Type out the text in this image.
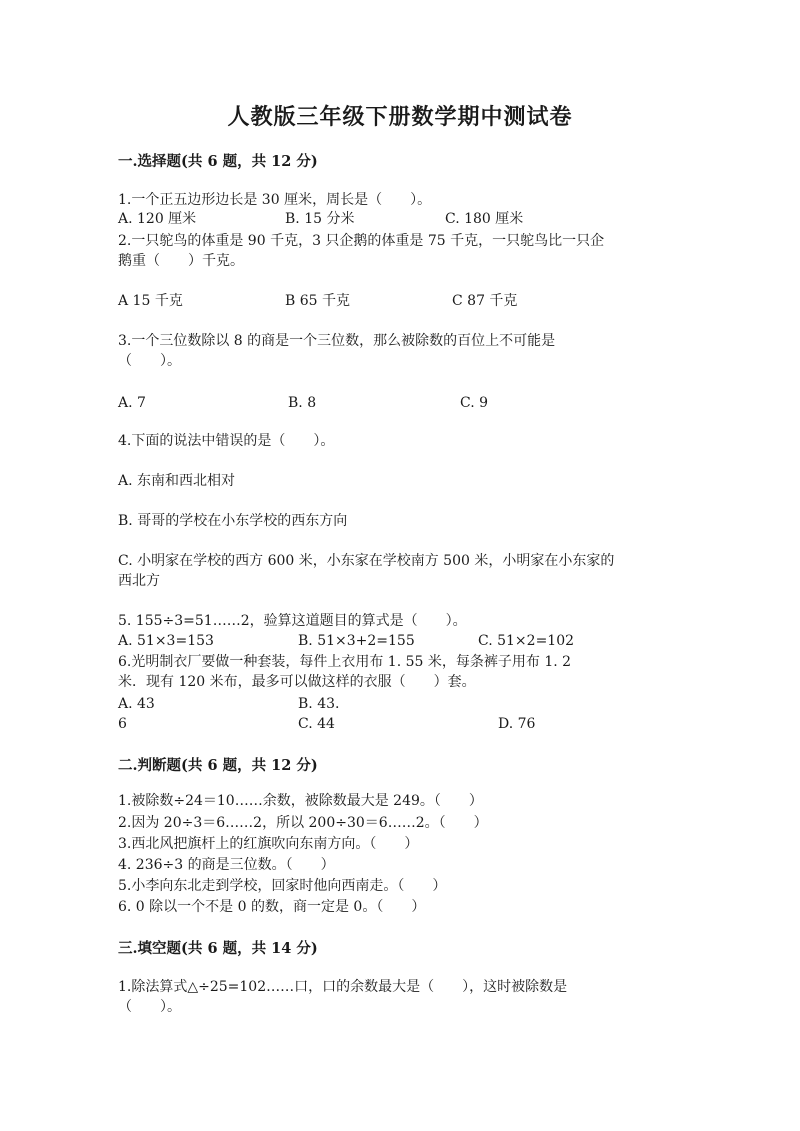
人教版三年级下册数学期中测试卷
一.选择题(共 6 题，共 12 分)
1.一个正五边形边长是 30 厘米，周长是（　　）。
A. 120 厘米	B. 15 分米	C. 180 厘米
2.一只鸵鸟的体重是 90 千克，3 只企鹅的体重是 75 千克，一只鸵鸟比一只企
鹅重（　　）千克。
A 15 千克	B 65 千克	C 87 千克
3.一个三位数除以 8 的商是一个三位数，那么被除数的百位上不可能是
（　　）。
A. 7	B. 8	C. 9
4.下面的说法中错误的是（　　）。
A. 东南和西北相对
B. 哥哥的学校在小东学校的西东方向
C. 小明家在学校的西方 600 米，小东家在学校南方 500 米，小明家在小东家的
西北方
5. 155÷3=51……2，验算这道题目的算式是（　　）。
A. 51×3=153	B. 51×3+2=155	C. 51×2=102
6.光明制衣厂要做一种套装，每件上衣用布 1. 55 米，每条裤子用布 1. 2
米．现有 120 米布，最多可以做这样的衣服（　　）套。
A. 43	B. 43.
6	C. 44	D. 76
二.判断题(共 6 题，共 12 分)
1.被除数÷24＝10……余数，被除数最大是 249。（　　）
2.因为 20÷3＝6……2，所以 200÷30＝6……2。（　　）
3.西北风把旗杆上的红旗吹向东南方向。（　　）
4. 236÷3 的商是三位数。（　　）
5.小李向东北走到学校，回家时他向西南走。（　　）
6. 0 除以一个不是 0 的数，商一定是 0。（　　）
三.填空题(共 6 题，共 14 分)
1.除法算式△÷25=102……口，口的余数最大是（　　），这时被除数是
（　　）。
